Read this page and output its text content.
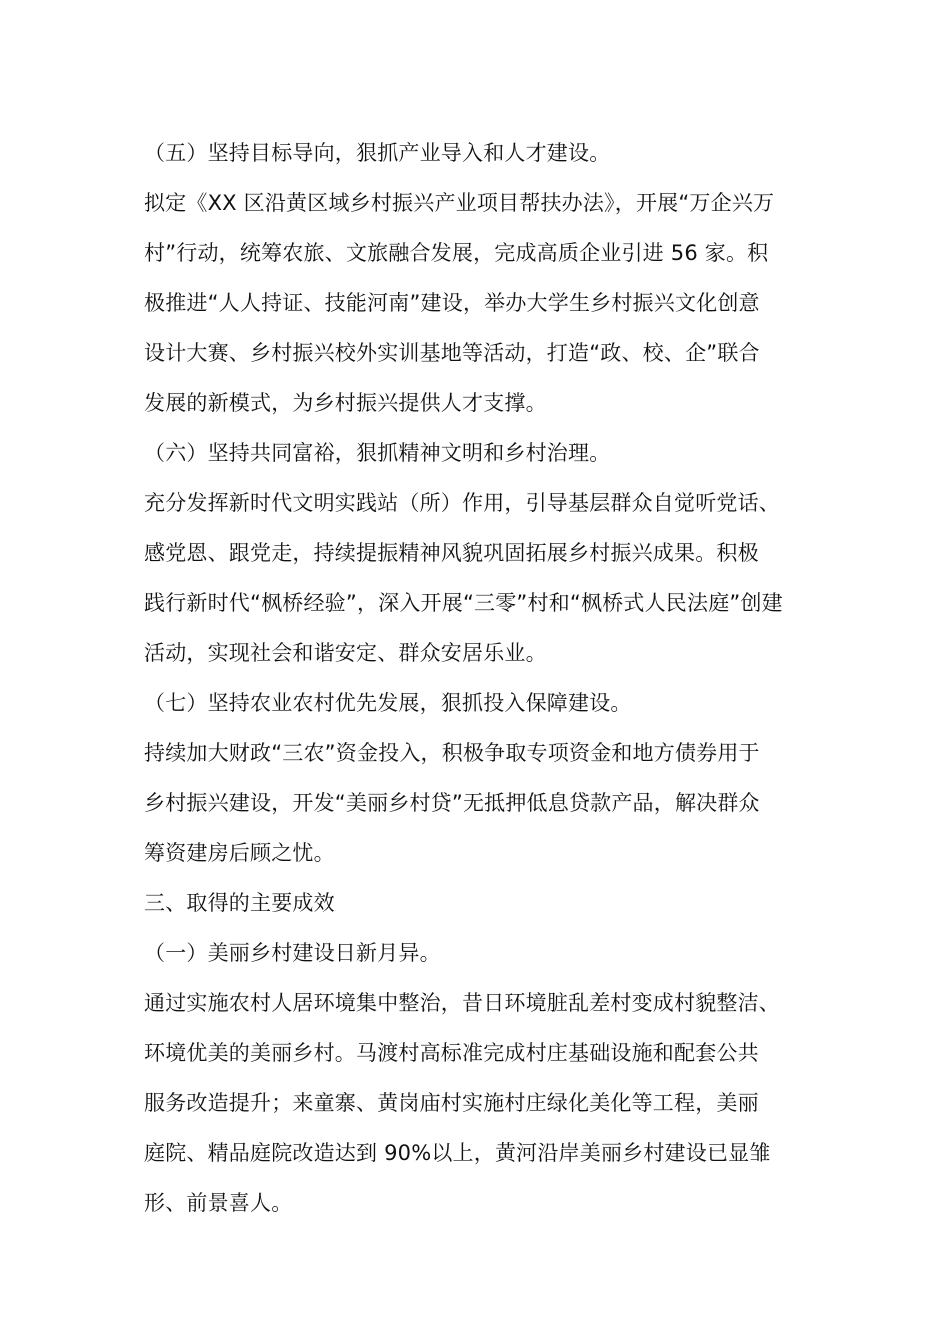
（五）坚持目标导向，狠抓产业导入和人才建设。
拟定《XX 区沿黄区域乡村振兴产业项目帮扶办法》，开展“万企兴万
村”行动，统筹农旅、文旅融合发展，完成高质企业引进 56 家。积
极推进“人人持证、技能河南”建设，举办大学生乡村振兴文化创意
设计大赛、乡村振兴校外实训基地等活动，打造“政、校、企”联合
发展的新模式，为乡村振兴提供人才支撑。
（六）坚持共同富裕，狠抓精神文明和乡村治理。
充分发挥新时代文明实践站（所）作用，引导基层群众自觉听党话、
感党恩、跟党走，持续提振精神风貌巩固拓展乡村振兴成果。积极
践行新时代“枫桥经验”，深入开展“三零”村和“枫桥式人民法庭”创建
活动，实现社会和谐安定、群众安居乐业。
（七）坚持农业农村优先发展，狠抓投入保障建设。
持续加大财政“三农”资金投入，积极争取专项资金和地方债券用于
乡村振兴建设，开发“美丽乡村贷”无抵押低息贷款产品，解决群众
筹资建房后顾之忧。
三、取得的主要成效
（一）美丽乡村建设日新月异。
通过实施农村人居环境集中整治，昔日环境脏乱差村变成村貌整洁、
环境优美的美丽乡村。马渡村高标准完成村庄基础设施和配套公共
服务改造提升；来童寨、黄岗庙村实施村庄绿化美化等工程，美丽
庭院、精品庭院改造达到 90%以上，黄河沿岸美丽乡村建设已显雏
形、前景喜人。
